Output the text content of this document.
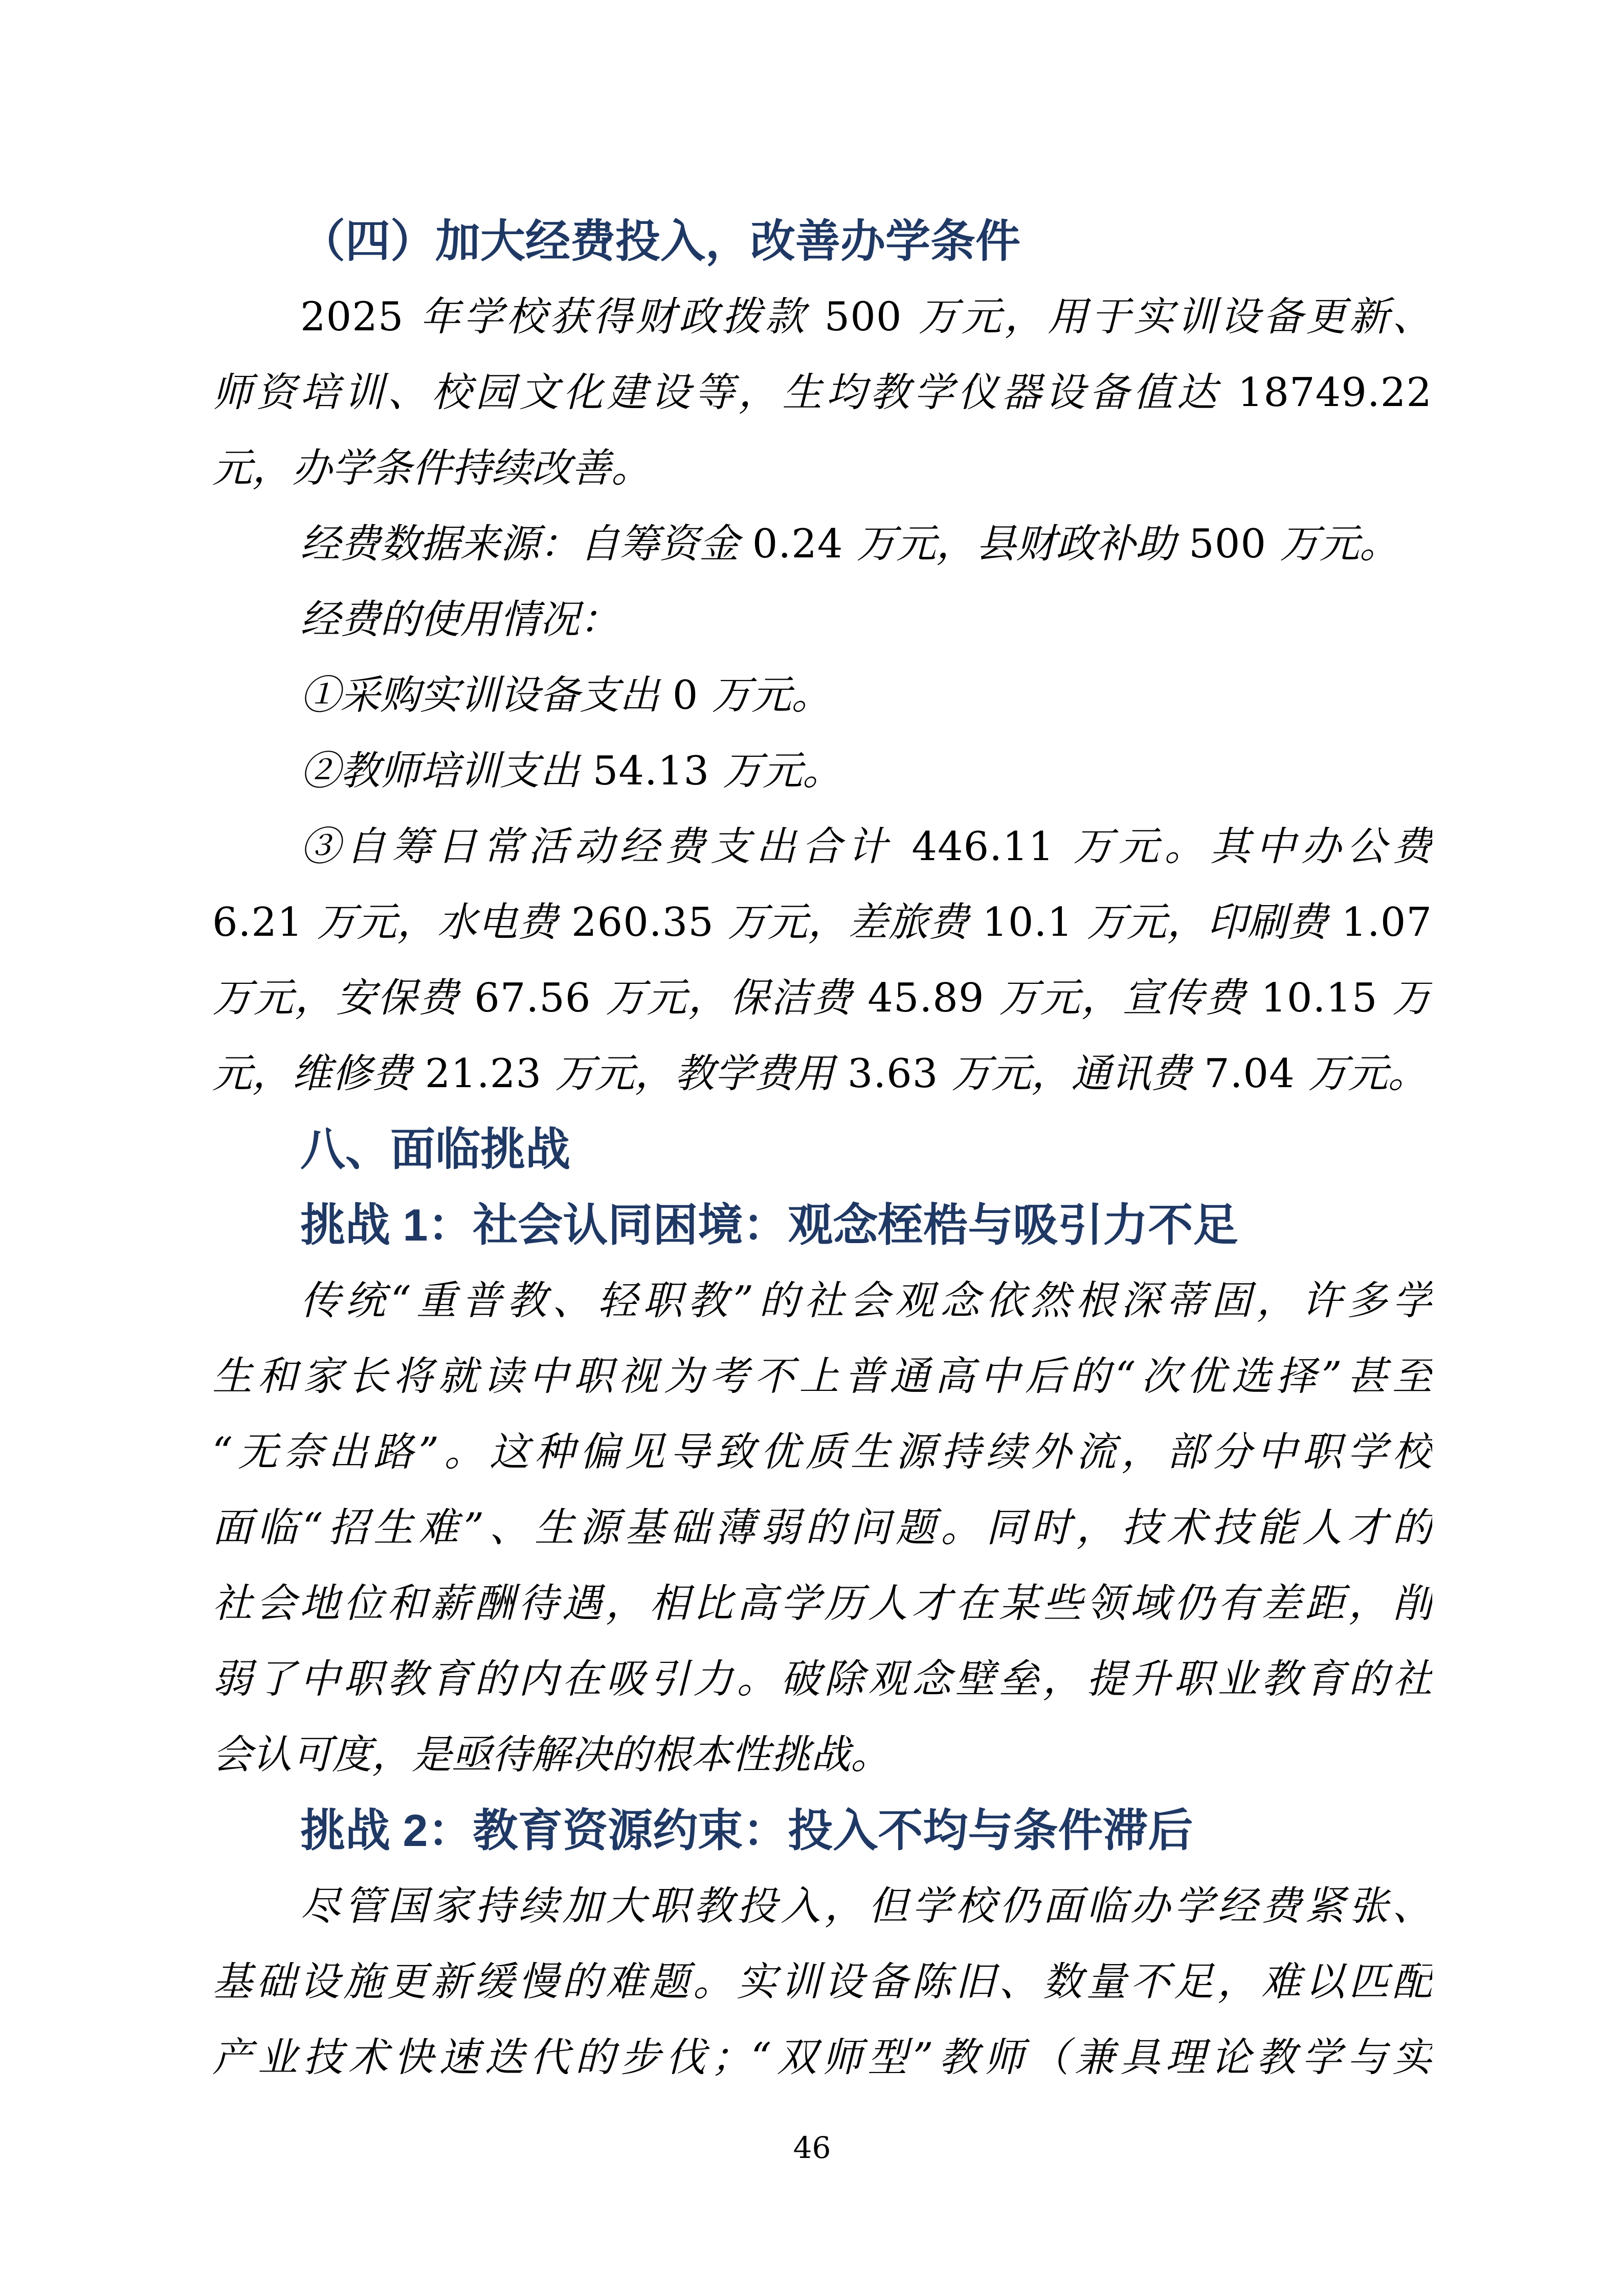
（四）加大经费投入，改善办学条件
2025 年学校获得财政拨款 500 万元，用于实训设备更新、
师资培训、校园文化建设等，生均教学仪器设备值达 18749.22
元，办学条件持续改善。
经费数据来源：自筹资金 0.24 万元，县财政补助 500 万元。
经费的使用情况：
①采购实训设备支出 0 万元。
②教师培训支出 54.13 万元。
③自筹日常活动经费支出合计 446.11 万元。其中办公费
6.21 万元，水电费 260.35 万元，差旅费 10.1 万元，印刷费 1.07
万元，安保费 67.56 万元，保洁费 45.89 万元，宣传费 10.15 万
元，维修费 21.23 万元，教学费用 3.63 万元，通讯费 7.04 万元。
八、面临挑战
挑战 1：社会认同困境：观念桎梏与吸引力不足
传统“重普教、轻职教”的社会观念依然根深蒂固，许多学
生和家长将就读中职视为考不上普通高中后的“次优选择”甚至
“无奈出路”。这种偏见导致优质生源持续外流，部分中职学校
面临“招生难”、生源基础薄弱的问题。同时，技术技能人才的
社会地位和薪酬待遇，相比高学历人才在某些领域仍有差距，削
弱了中职教育的内在吸引力。破除观念壁垒，提升职业教育的社
会认可度，是亟待解决的根本性挑战。
挑战 2：教育资源约束：投入不均与条件滞后
尽管国家持续加大职教投入，但学校仍面临办学经费紧张、
基础设施更新缓慢的难题。实训设备陈旧、数量不足，难以匹配
产业技术快速迭代的步伐；“双师型”教师（兼具理论教学与实
46
